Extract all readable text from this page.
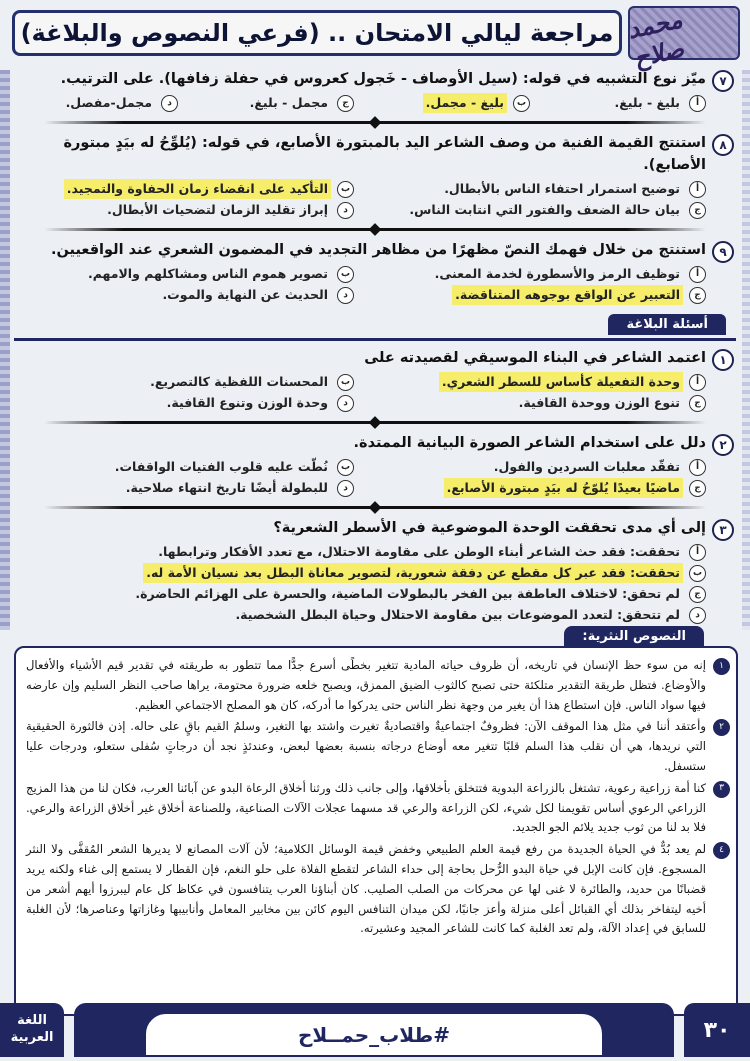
محمد صلاح
مراجعة ليالي الامتحان .. (فرعي النصوص والبلاغة)
٧
ميّز نوع التشبيه في قوله: (سيل الأوصاف - خَجول كعروس في حفلة زفافها). على الترتيب.
أ
بليغ - بليغ.
ب
بليغ - مجمل.
ج
مجمل - بليغ.
د
مجمل-مفصل.
٨
استنتج القيمة الفنية من وصف الشاعر اليد بالمبتورة الأصابع، في قوله: (يُلوِّحُ له بيَدٍ مبتورة الأصابع).
أ
توضيح استمرار احتفاء الناس بالأبطال.
ب
التأكيد على انقضاء زمان الحفاوة والتمجيد.
ج
بيان حالة الضعف والفتور التي انتابت الناس.
د
إبراز تقليد الزمان لتضحيات الأبطال.
٩
استنتج من خلال فهمك النصّ مظهرًا من مظاهر التجديد في المضمون الشعري عند الواقعيين.
أ
توظيف الرمز والأسطورة لخدمة المعنى.
ب
تصوير هموم الناس ومشاكلهم والامهم.
ج
التعبير عن الواقع بوجوهه المتناقضة.
د
الحديث عن النهاية والموت.
أسئلة البلاغة
١
اعتمد الشاعر في البناء الموسيقي لقصيدته على
أ
وحدة التفعيلة كأساس للسطر الشعري.
ب
المحسنات اللفظية كالتصريع.
ج
تنوع الوزن ووحدة القافية.
د
وحدة الوزن وتنوع القافية.
٢
دلل على استخدام الشاعر الصورة البيانية الممتدة.
أ
تفقّد معلبات السردين والفول.
ب
نُطّت عليه قلوب الفتيات الواقفات.
ج
ماضيًا بعيدًا يُلوّحُ له بيَدٍ مبتورة الأصابع.
د
للبطولة أيضًا تاريخ انتهاء صلاحية.
٣
إلى أي مدى تحققت الوحدة الموضوعية في الأسطر الشعرية؟
أ
تحققت: فقد حث الشاعر أبناء الوطن على مقاومة الاحتلال، مع تعدد الأفكار وترابطها.
ب
تحققت: فقد عبر كل مقطع عن دفقة شعورية، لتصوير معاناة البطل بعد نسيان الأمة له.
ج
لم تحقق: لاختلاف العاطفة بين الفخر بالبطولات الماضية، والحسرة على الهزائم الحاضرة.
د
لم تتحقق: لتعدد الموضوعات بين مقاومة الاحتلال وحياة البطل الشخصية.
النصوص النثرية:
١
إنه من سوء حظ الإنسان في تاريخه، أن ظروف حياته المادية تتغير بخطًى أسرع جدًّا مما تتطور به طريقته في تقدير قيم الأشياء والأفعال والأوضاع. فتظل طريقة التقدير متلكئة حتى تصبح كالثوب الضيق الممزق، ويصبح خلعه ضرورة محتومة، يراها صاحب النظر السليم وإن عارضه فيها سواد الناس. فإن استطاع هذا أن يغير من وجهة نظر الناس حتى يدركوا ما أدركه، كان هو المصلح الاجتماعي العظيم.
٢
وأعتقد أننا في مثل هذا الموقف الآن: فظروفٌ اجتماعيةٌ واقتصاديةٌ تغيرت واشتد بها التغير، وسلمُ القيم باقٍ على حاله. إذن فالثورة الحقيقية التي نريدها، هي أن نقلب هذا السلم قلبًا تتغير معه أوضاع درجاته بنسبة بعضها لبعض، وعندئذٍ نجد أن درجاتٍ سُفلى ستعلو، ودرجات عليا ستسفل.
٣
كنا أمة زراعية رعوية، تشتغل بالزراعة البدوية فتتخلق بأخلاقها، وإلى جانب ذلك ورثنا أخلاق الرعاة البدو عن آبائنا العرب، فكان لنا من هذا المزيج الزراعي الرعوي أساس تقويمنا لكل شيء، لكن الزراعة والرعي قد مسهما عجلات الآلات الصناعية، وللصناعة أخلاق غير أخلاق الزراعة والرعي. فلا بد لنا من ثوب جديد يلائم الجو الجديد.
٤
لم يعد بُدٌّ في الحياة الجديدة من رفع قيمة العلم الطبيعي وخفض قيمة الوسائل الكلامية؛ لأن آلات المصانع لا يديرها الشعر المُقفَّى ولا النثر المسجوع. فإن كانت الإبل في حياة البدو الرُّحل بحاجة إلى حداء الشاعر لتقطع الفلاة على حلو النغم، فإن القطار لا يستمع إلى غناء ولكنه يريد قضبانًا من حديد، والطائرة لا غنى لها عن محركات من الصلب الصليب. كان أبناؤنا العرب يتنافسون في عكاظ كل عام ليبرزوا أيهم أشعر من أخيه ليتفاخر بذلك أي القبائل أعلى منزلة وأعز جانبًا، لكن ميدان التنافس اليوم كائن بين مخابير المعامل وأنابيبها وغازاتها وعناصرها؛ لأن الغلبة للسابق في إعداد الآلة، ولم تعد الغلبة كما كانت للشاعر المجيد وعشيرته.
اللغة العربية	#طلاب_حمــلاح	٣٠
